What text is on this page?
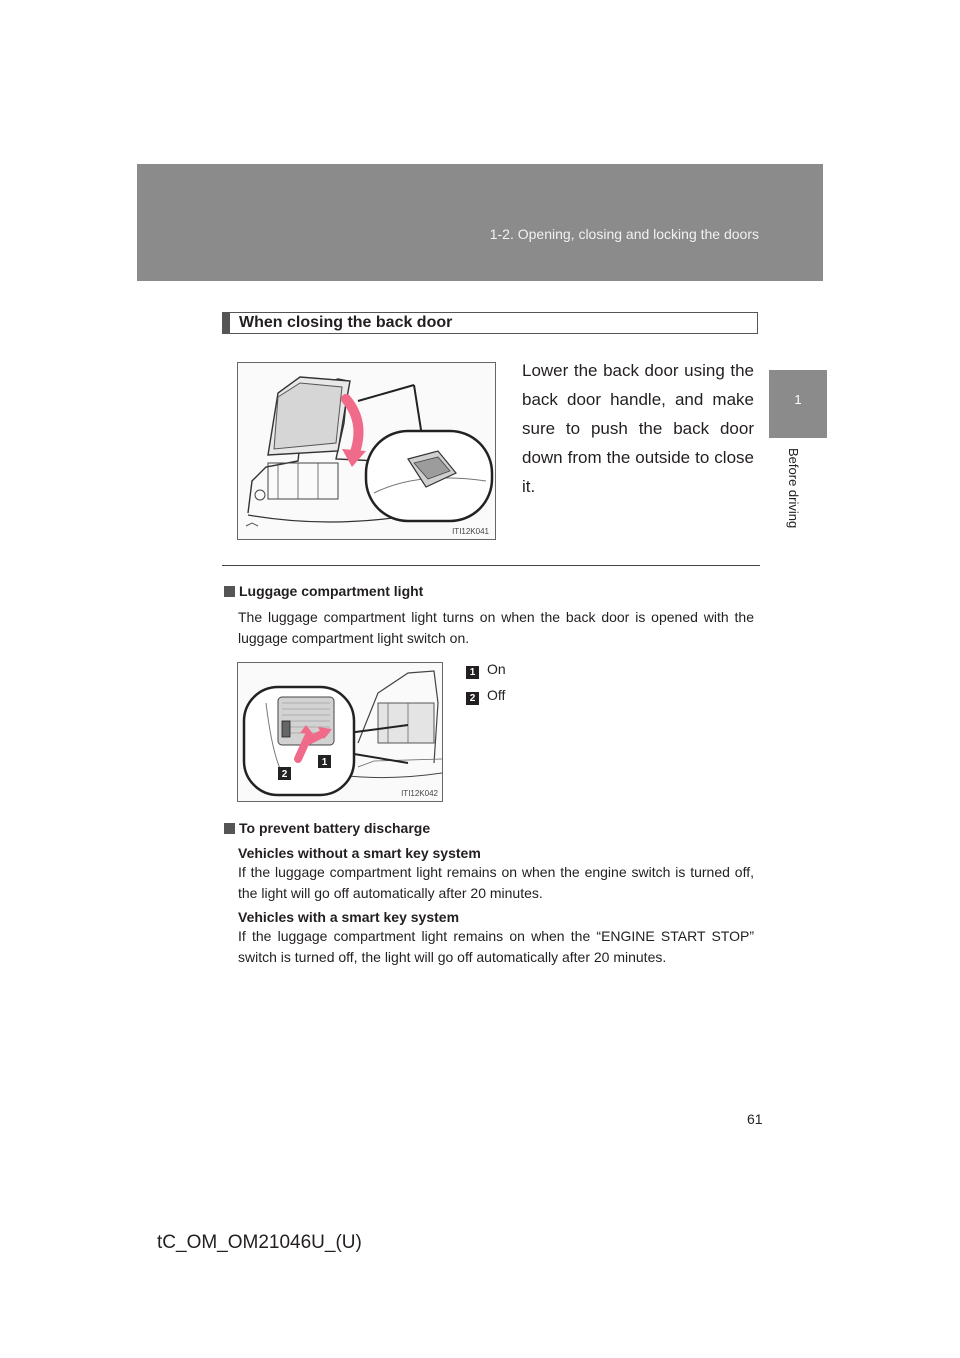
1-2. Opening, closing and locking the doors
1
Before driving
When closing the back door
ITI12K041
Lower the back door using the back door handle, and make sure to push the back door down from the outside to close it.
Luggage compartment light
The luggage compartment light turns on when the back door is opened with the luggage compartment light switch on.
2
1
ITI12K042
1 On
2 Off
To prevent battery discharge
Vehicles without a smart key system
If the luggage compartment light remains on when the engine switch is turned off, the light will go off automatically after 20 minutes.
Vehicles with a smart key system
If the luggage compartment light remains on when the “ENGINE START STOP” switch is turned off, the light will go off automatically after 20 minutes.
61
tC_OM_OM21046U_(U)
